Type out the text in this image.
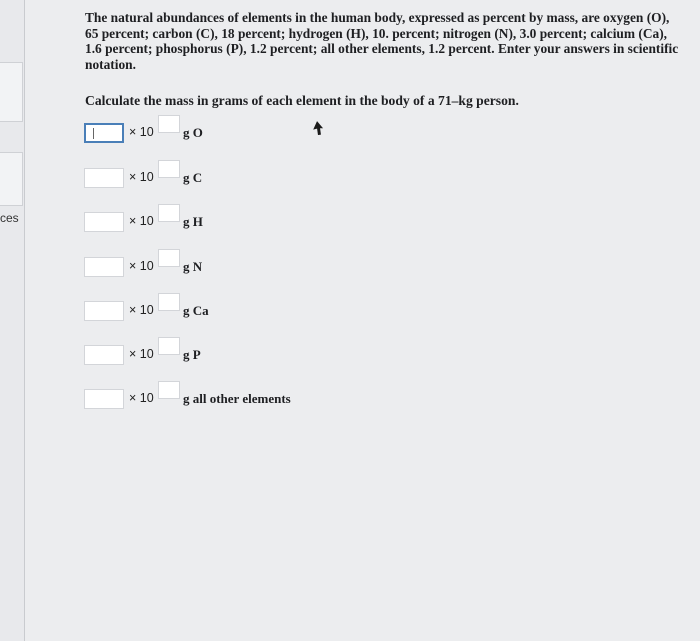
ces

The natural abundances of elements in the human body, expressed as percent by mass, are oxygen (O), 65 percent; carbon (C), 18 percent; hydrogen (H), 10. percent; nitrogen (N), 3.0 percent; calcium (Ca), 1.6 percent; phosphorus (P), 1.2 percent; all other elements, 1.2 percent. Enter your answers in scientific notation.

Calculate the mass in grams of each element in the body of a 71–kg person.

× 10 g O
× 10 g C
× 10 g H
× 10 g N
× 10 g Ca
× 10 g P
× 10 g all other elements
